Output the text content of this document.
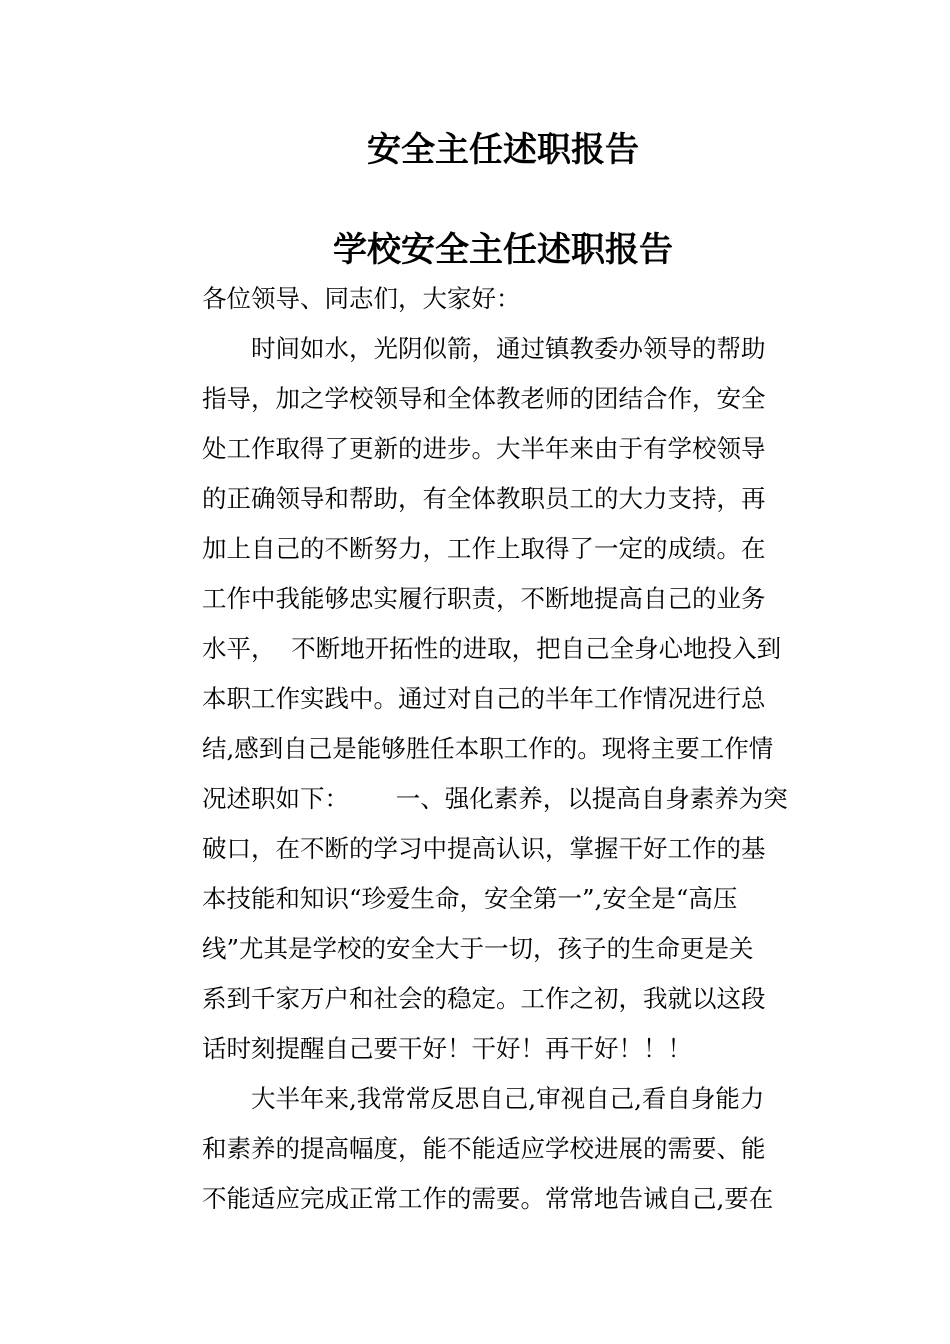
安全主任述职报告
学校安全主任述职报告
各位领导、同志们，大家好：
时间如水，光阴似箭，通过镇教委办领导的帮助
指导，加之学校领导和全体教老师的团结合作，安全
处工作取得了更新的进步。大半年来由于有学校领导
的正确领导和帮助，有全体教职员工的大力支持，再
加上自己的不断努力，工作上取得了一定的成绩。在
工作中我能够忠实履行职责，不断地提高自己的业务
水平，  不断地开拓性的进取，把自己全身心地投入到
本职工作实践中。通过对自己的半年工作情况进行总
结,感到自己是能够胜任本职工作的。现将主要工作情
况述职如下：      一、强化素养，以提高自身素养为突
破口，在不断的学习中提高认识，掌握干好工作的基
本技能和知识“珍爱生命，安全第一”,安全是“高压
线”尤其是学校的安全大于一切，孩子的生命更是关
系到千家万户和社会的稳定。工作之初，我就以这段
话时刻提醒自己要干好！干好！再干好！！！
大半年来,我常常反思自己,审视自己,看自身能力
和素养的提高幅度，能不能适应学校进展的需要、能
不能适应完成正常工作的需要。常常地告诫自己,要在
